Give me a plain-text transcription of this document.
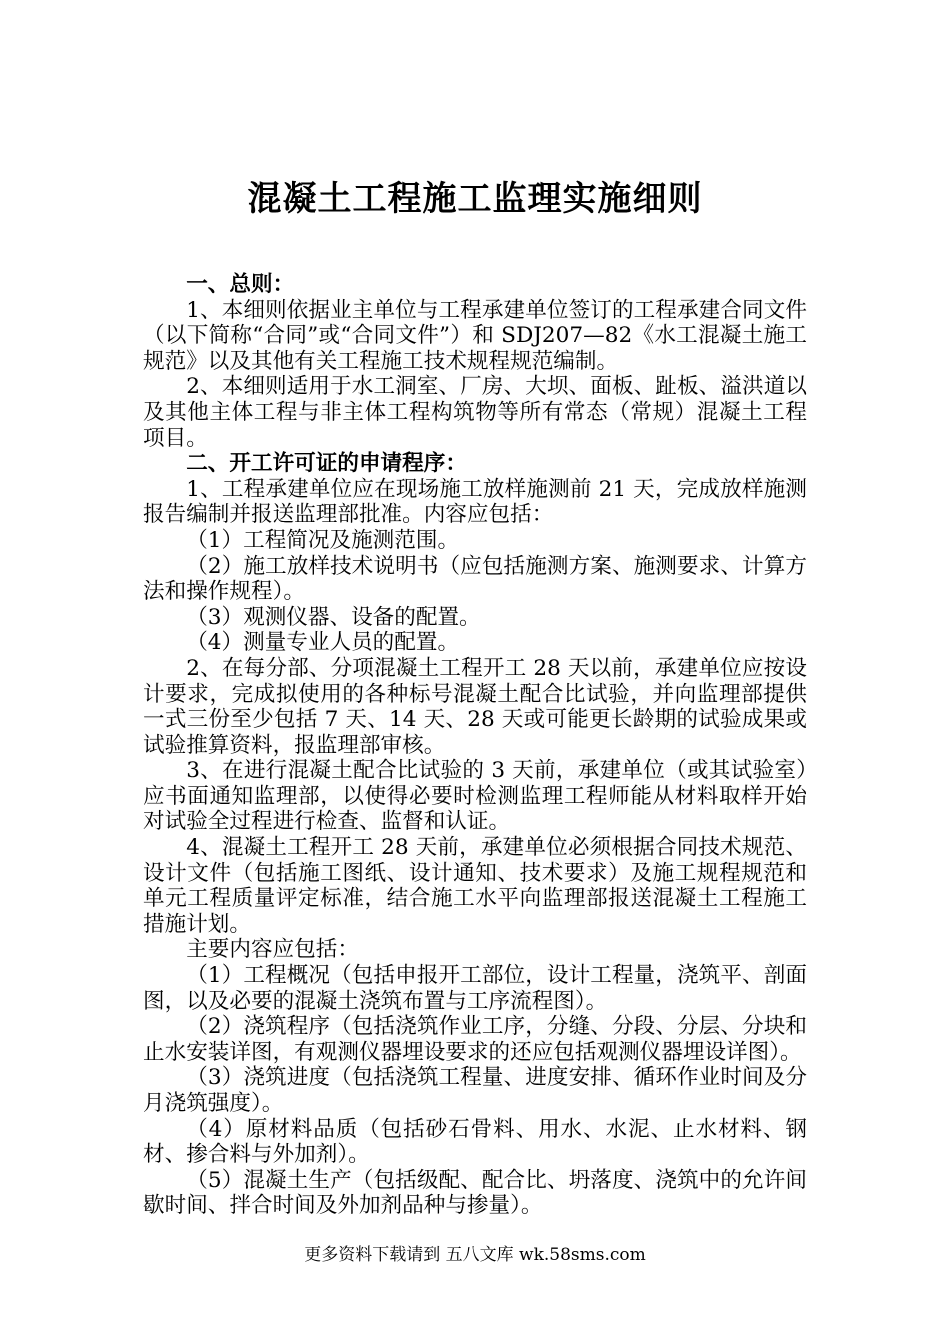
混凝土工程施工监理实施细则

一、总则：

1、本细则依据业主单位与工程承建单位签订的工程承建合同文件（以下简称“合同”或“合同文件”）和 SDJ207—82《水工混凝土施工规范》以及其他有关工程施工技术规程规范编制。

2、本细则适用于水工洞室、厂房、大坝、面板、趾板、溢洪道以及其他主体工程与非主体工程构筑物等所有常态（常规）混凝土工程项目。

二、开工许可证的申请程序：

1、工程承建单位应在现场施工放样施测前 21 天，完成放样施测报告编制并报送监理部批准。内容应包括：

（1）工程简况及施测范围。

（2）施工放样技术说明书（应包括施测方案、施测要求、计算方法和操作规程）。

（3）观测仪器、设备的配置。

（4）测量专业人员的配置。

2、在每分部、分项混凝土工程开工 28 天以前，承建单位应按设计要求，完成拟使用的各种标号混凝土配合比试验，并向监理部提供一式三份至少包括 7 天、14 天、28 天或可能更长龄期的试验成果或试验推算资料，报监理部审核。

3、在进行混凝土配合比试验的 3 天前，承建单位（或其试验室）应书面通知监理部，以使得必要时检测监理工程师能从材料取样开始对试验全过程进行检查、监督和认证。

4、混凝土工程开工 28 天前，承建单位必须根据合同技术规范、设计文件（包括施工图纸、设计通知、技术要求）及施工规程规范和单元工程质量评定标准，结合施工水平向监理部报送混凝土工程施工措施计划。

主要内容应包括：

（1）工程概况（包括申报开工部位，设计工程量，浇筑平、剖面图，以及必要的混凝土浇筑布置与工序流程图）。

（2）浇筑程序（包括浇筑作业工序，分缝、分段、分层、分块和止水安装详图，有观测仪器埋设要求的还应包括观测仪器埋设详图）。

（3）浇筑进度（包括浇筑工程量、进度安排、循环作业时间及分月浇筑强度）。

（4）原材料品质（包括砂石骨料、用水、水泥、止水材料、钢材、掺合料与外加剂）。

（5）混凝土生产（包括级配、配合比、坍落度、浇筑中的允许间歇时间、拌合时间及外加剂品种与掺量）。

更多资料下载请到 五八文库 wk.58sms.com
